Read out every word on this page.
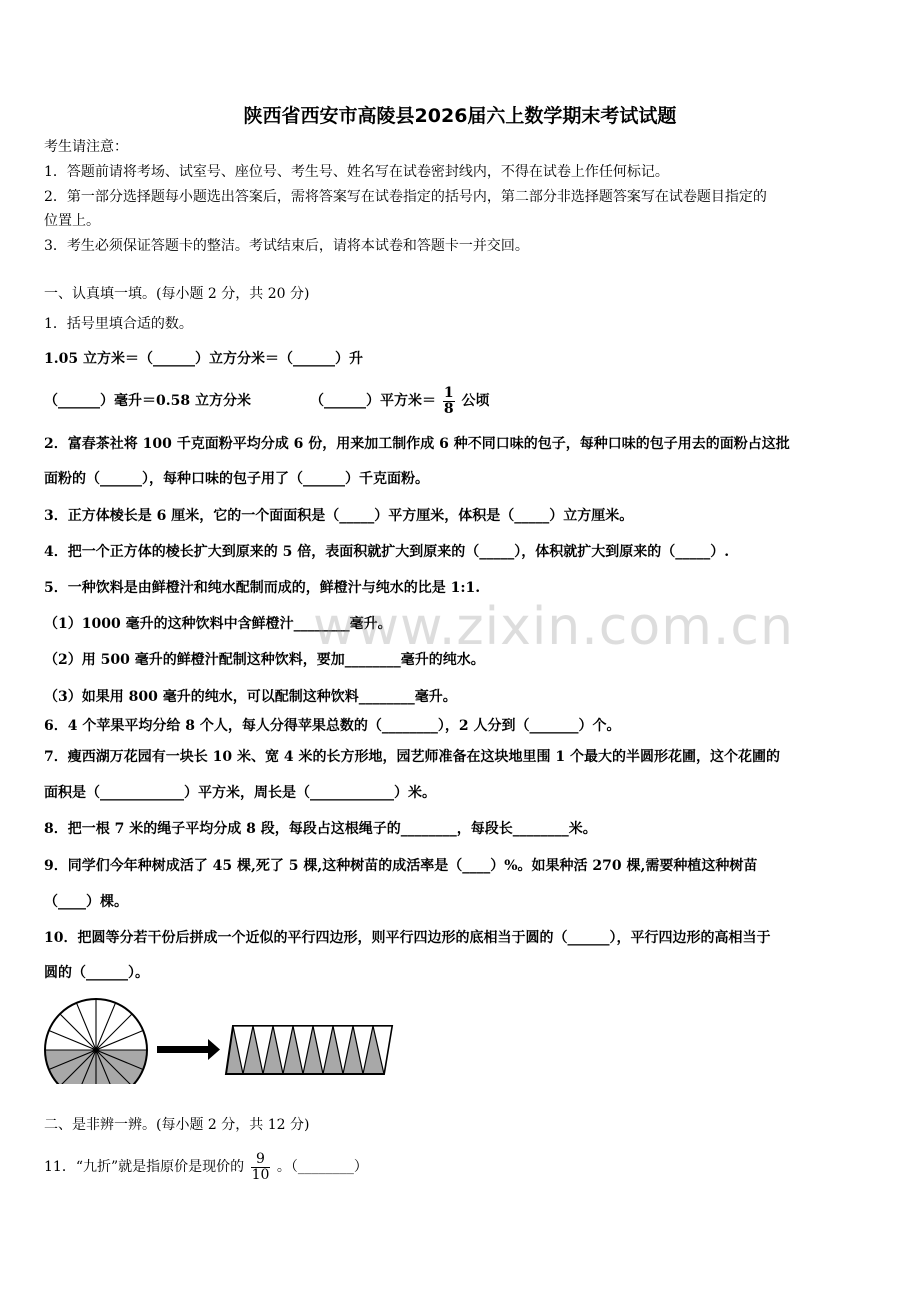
陕西省西安市高陵县2026届六上数学期末考试试题
考生请注意：
1．答题前请将考场、试室号、座位号、考生号、姓名写在试卷密封线内，不得在试卷上作任何标记。
2．第一部分选择题每小题选出答案后，需将答案写在试卷指定的括号内，第二部分非选择题答案写在试卷题目指定的
位置上。
3．考生必须保证答题卡的整洁。考试结束后，请将本试卷和答题卡一并交回。
一、认真填一填。(每小题 2 分，共 20 分)
1．括号里填合适的数。
1.05 立方米＝（______）立方分米＝（______）升
（______）毫升＝0.58 立方分米	（______）平方米＝ $\frac{1}{8}$ 公顷
2．富春茶社将 100 千克面粉平均分成 6 份，用来加工制作成 6 种不同口味的包子，每种口味的包子用去的面粉占这批
面粉的（______），每种口味的包子用了（______）千克面粉。
3．正方体棱长是 6 厘米，它的一个面面积是（_____）平方厘米，体积是（_____）立方厘米。
4．把一个正方体的棱长扩大到原来的 5 倍，表面积就扩大到原来的（_____），体积就扩大到原来的（_____）.
5．一种饮料是由鲜橙汁和纯水配制而成的，鲜橙汁与纯水的比是 1:1.
（1）1000 毫升的这种饮料中含鲜橙汁________毫升。
（2）用 500 毫升的鲜橙汁配制这种饮料，要加________毫升的纯水。
（3）如果用 800 毫升的纯水，可以配制这种饮料________毫升。
6．4 个苹果平均分给 8 个人，每人分得苹果总数的（________），2 人分到（_______）个。
7．瘦西湖万花园有一块长 10 米、宽 4 米的长方形地，园艺师准备在这块地里围 1 个最大的半圆形花圃，这个花圃的
面积是（____________）平方米，周长是（____________）米。
8．把一根 7 米的绳子平均分成 8 段，每段占这根绳子的________，每段长________米。
9．同学们今年种树成活了 45 棵,死了 5 棵,这种树苗的成活率是（____）%。如果种活 270 棵,需要种植这种树苗
（____）棵。
10．把圆等分若干份后拼成一个近似的平行四边形，则平行四边形的底相当于圆的（______），平行四边形的高相当于
圆的（______）。
二、是非辨一辨。(每小题 2 分，共 12 分)
11．“九折”就是指原价是现价的 $\frac{9}{10}$ 。（________）
www.zixin.com.cn
